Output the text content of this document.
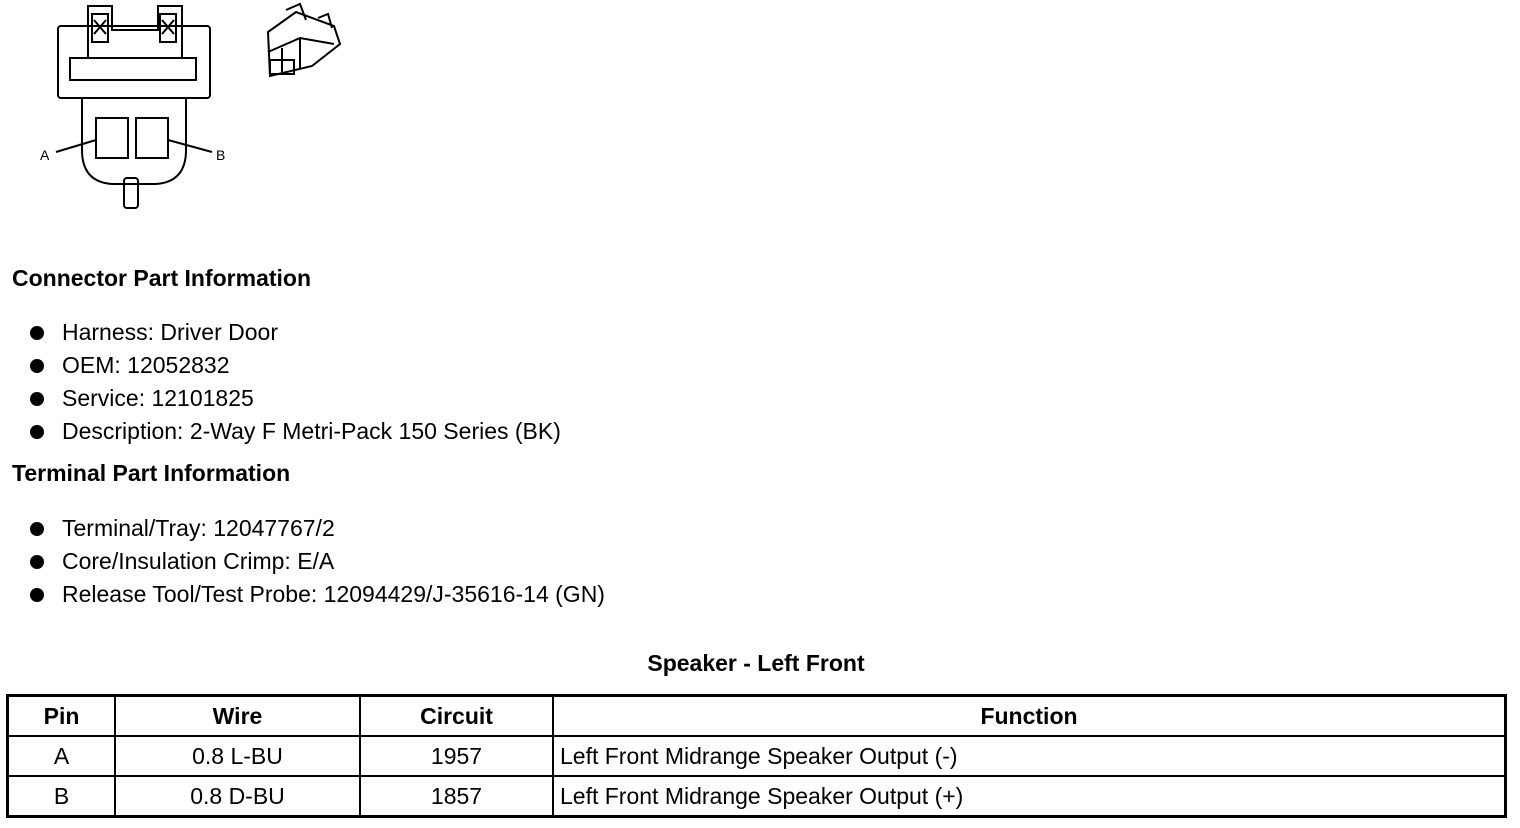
A	B
Connector Part Information
Harness: Driver Door
OEM: 12052832
Service: 12101825
Description: 2-Way F Metri-Pack 150 Series (BK)
Terminal Part Information
Terminal/Tray: 12047767/2
Core/Insulation Crimp: E/A
Release Tool/Test Probe: 12094429/J-35616-14 (GN)
Speaker - Left Front
Pin	Wire	Circuit	Function
A	0.8 L-BU	1957	Left Front Midrange Speaker Output (-)
B	0.8 D-BU	1857	Left Front Midrange Speaker Output (+)
